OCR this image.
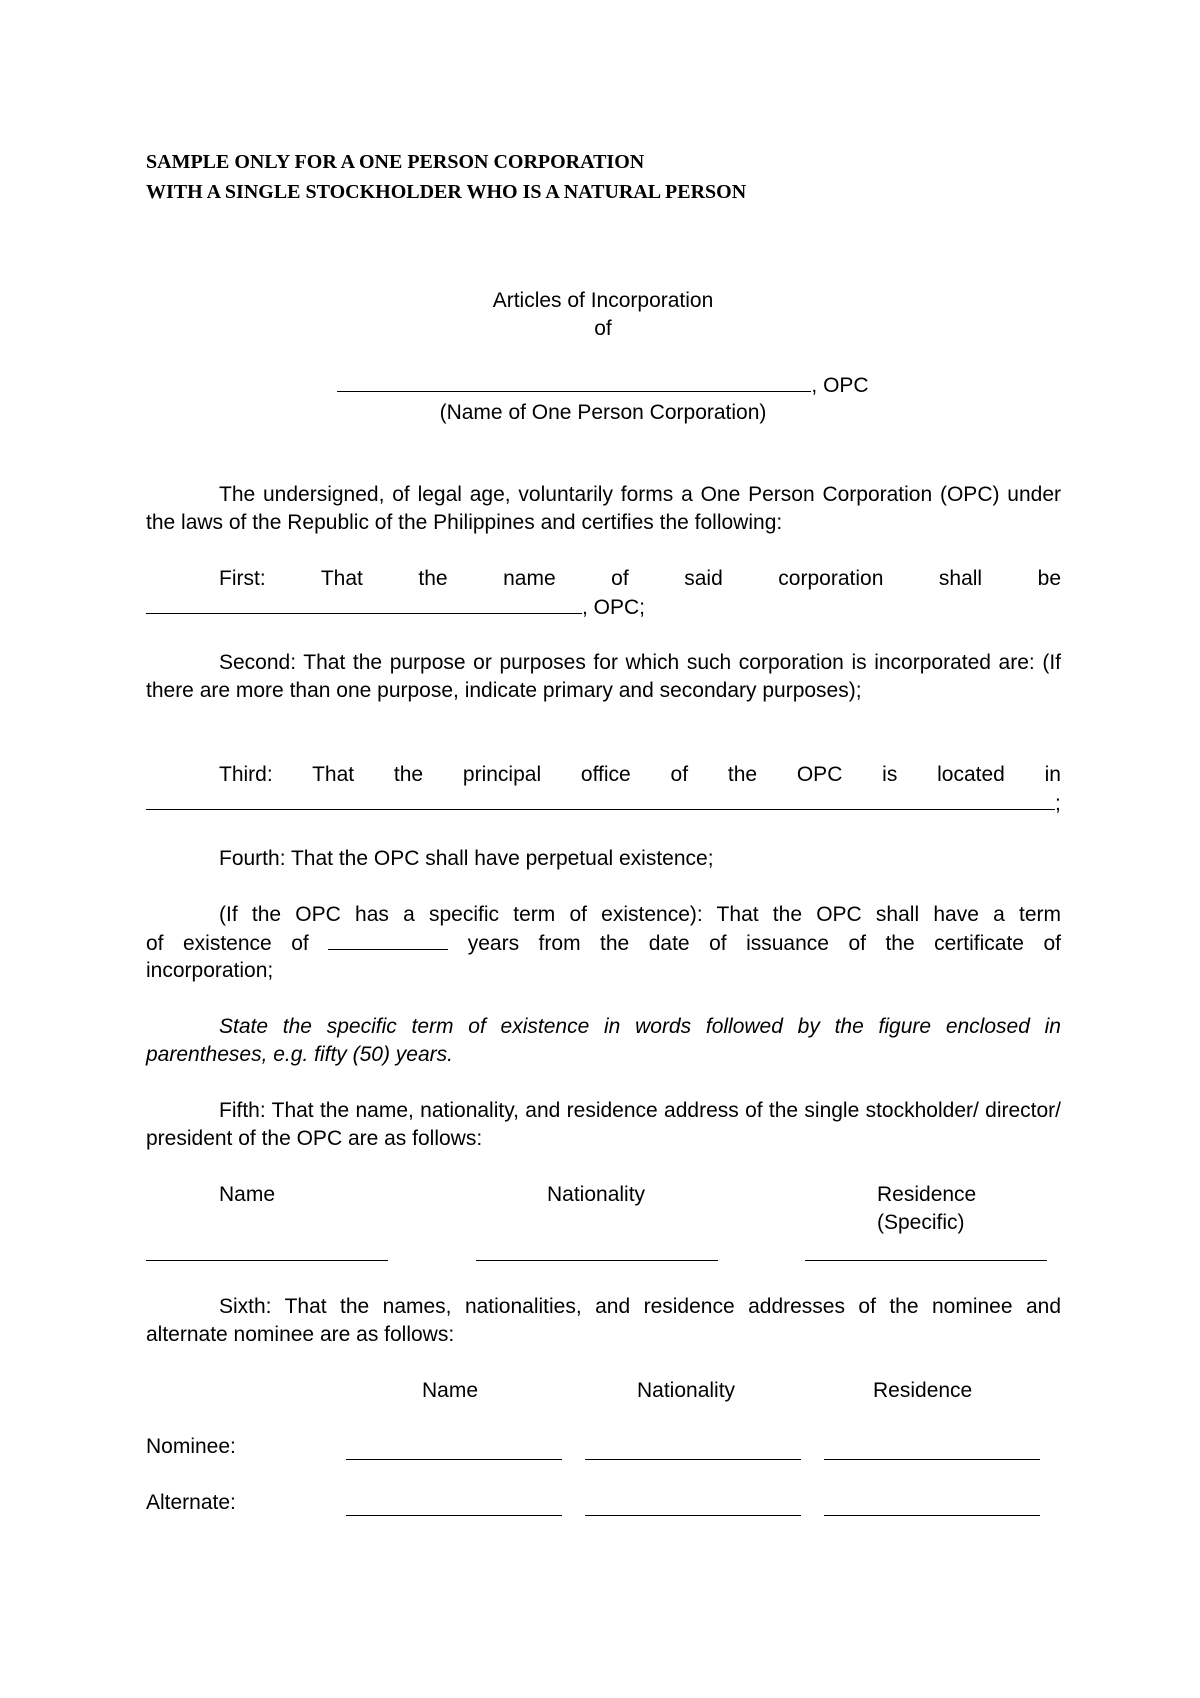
SAMPLE ONLY FOR A ONE PERSON CORPORATION
WITH A SINGLE STOCKHOLDER WHO IS A NATURAL PERSON
Articles of Incorporation
of
, OPC
(Name of One Person Corporation)

The undersigned, of legal age, voluntarily forms a One Person Corporation (OPC) under the laws of the Republic of the Philippines and certifies the following:

First: That the name of said corporation shall be

, OPC;

Second: That the purpose or purposes for which such corporation is incorporated are: (If there are more than one purpose, indicate primary and secondary purposes);

Third: That the principal office of the OPC is located in

;

Fourth: That the OPC shall have perpetual existence;

(If the OPC has a specific term of existence): That the OPC shall have a term

of existence of	years from the date of issuance of the certificate of

incorporation;

State the specific term of existence in words followed by the figure enclosed in parentheses, e.g. fifty (50) years.

Fifth: That the name, nationality, and residence address of the single stockholder/ director/ president of the OPC are as follows:

Name	Nationality	Residence
(Specific)

Sixth: That the names, nationalities, and residence addresses of the nominee and alternate nominee are as follows:

Name	Nationality	Residence
Nominee:
Alternate:
